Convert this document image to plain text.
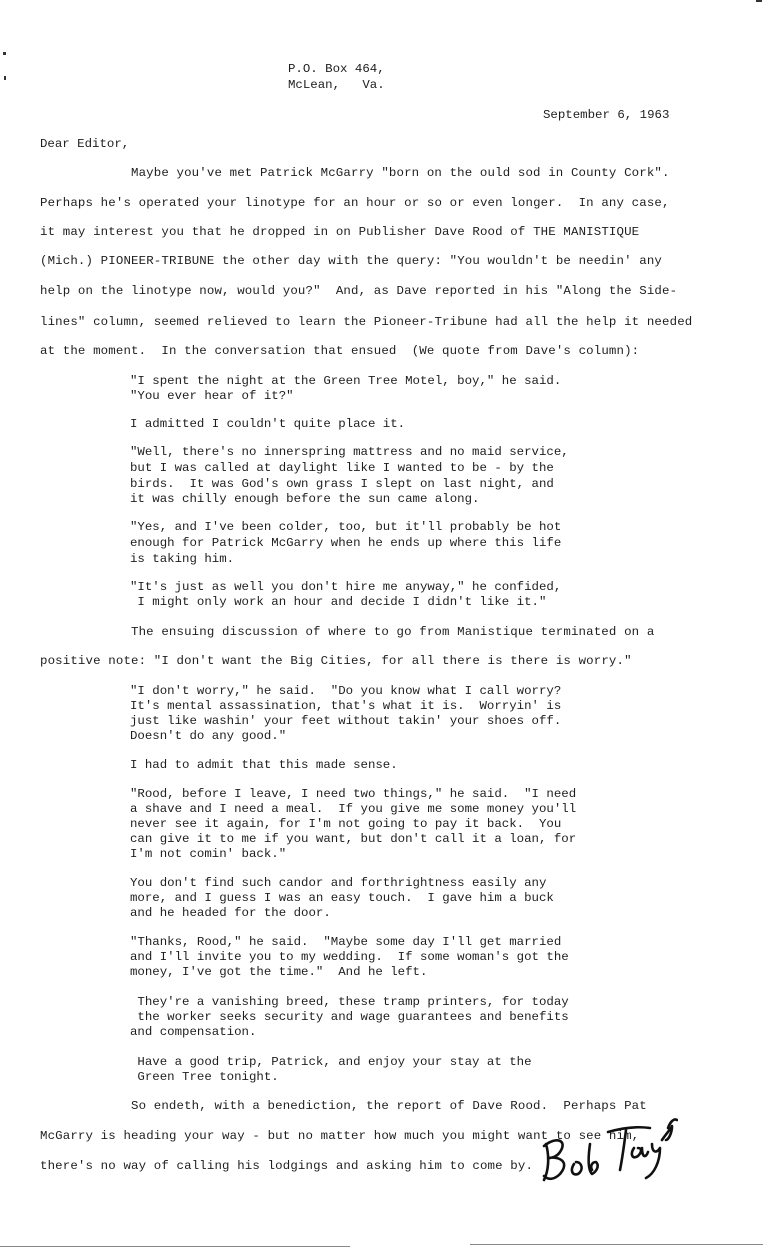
P.O. Box 464,
McLean,   Va.
September 6, 1963
Dear Editor,
Maybe you've met Patrick McGarry "born on the ould sod in County Cork".
Perhaps he's operated your linotype for an hour or so or even longer.  In any case,
it may interest you that he dropped in on Publisher Dave Rood of THE MANISTIQUE
(Mich.) PIONEER-TRIBUNE the other day with the query: "You wouldn't be needin' any
help on the linotype now, would you?"  And, as Dave reported in his "Along the Side-
lines" column, seemed relieved to learn the Pioneer-Tribune had all the help it needed
at the moment.  In the conversation that ensued  (We quote from Dave's column):
"I spent the night at the Green Tree Motel, boy," he said.
"You ever hear of it?"
I admitted I couldn't quite place it.
"Well, there's no innerspring mattress and no maid service,
but I was called at daylight like I wanted to be - by the
birds.  It was God's own grass I slept on last night, and
it was chilly enough before the sun came along.
"Yes, and I've been colder, too, but it'll probably be hot
enough for Patrick McGarry when he ends up where this life
is taking him.
"It's just as well you don't hire me anyway," he confided,
I might only work an hour and decide I didn't like it."
The ensuing discussion of where to go from Manistique terminated on a
positive note: "I don't want the Big Cities, for all there is there is worry."
"I don't worry," he said.  "Do you know what I call worry?
It's mental assassination, that's what it is.  Worryin' is
just like washin' your feet without takin' your shoes off.
Doesn't do any good."
I had to admit that this made sense.
"Rood, before I leave, I need two things," he said.  "I need
a shave and I need a meal.  If you give me some money you'll
never see it again, for I'm not going to pay it back.  You
can give it to me if you want, but don't call it a loan, for
I'm not comin' back."
You don't find such candor and forthrightness easily any
more, and I guess I was an easy touch.  I gave him a buck
and he headed for the door.
"Thanks, Rood," he said.  "Maybe some day I'll get married
and I'll invite you to my wedding.  If some woman's got the
money, I've got the time."  And he left.
They're a vanishing breed, these tramp printers, for today
the worker seeks security and wage guarantees and benefits
and compensation.
Have a good trip, Patrick, and enjoy your stay at the
Green Tree tonight.
So endeth, with a benediction, the report of Dave Rood.  Perhaps Pat
McGarry is heading your way - but no matter how much you might want to see him,
there's no way of calling his lodgings and asking him to come by.
